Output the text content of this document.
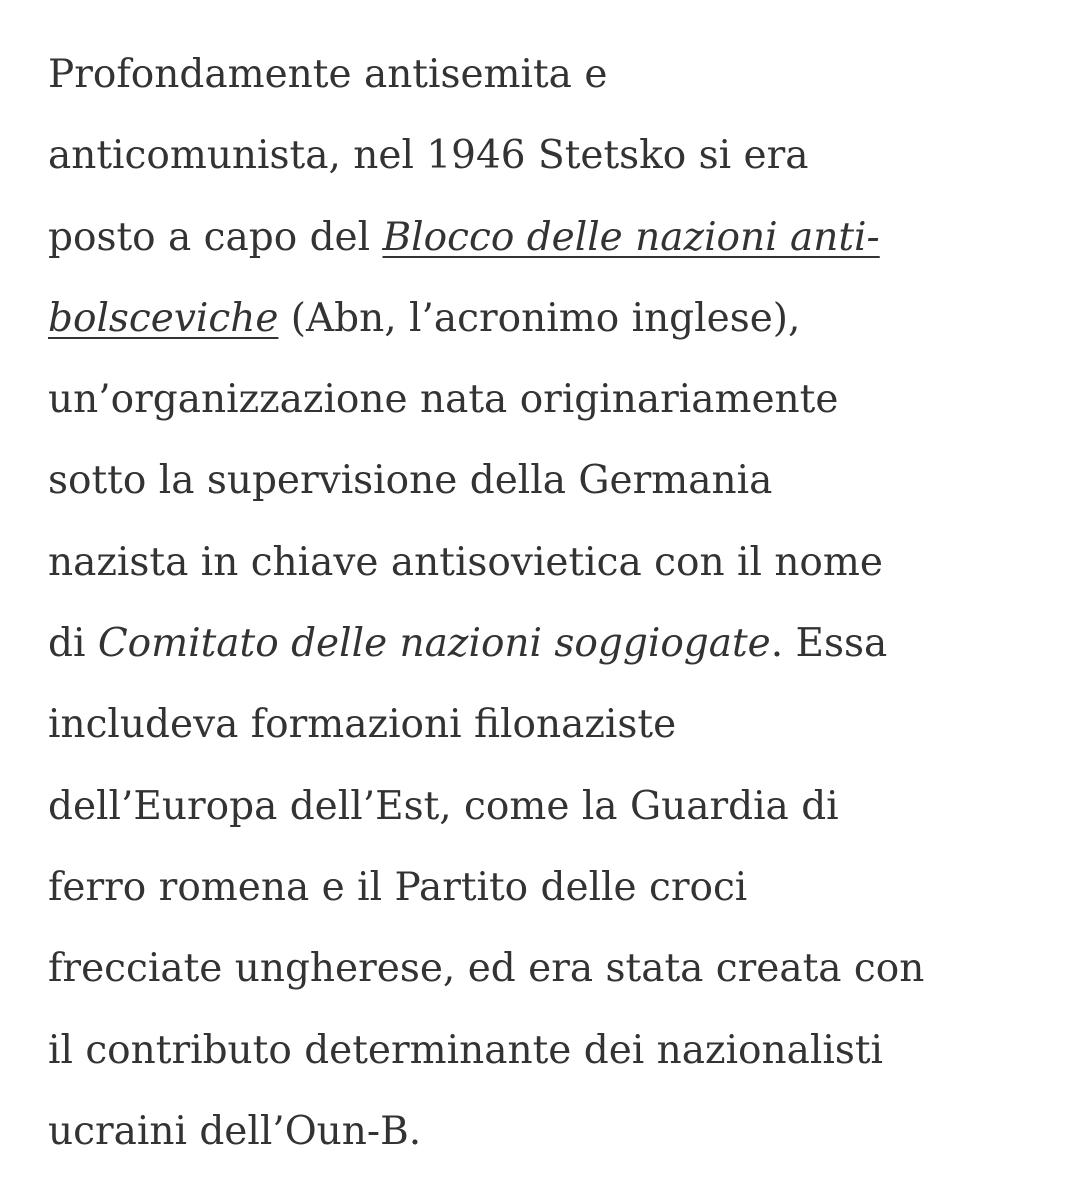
Profondamente antisemita e
anticomunista, nel 1946 Stetsko si era
posto a capo del Blocco delle nazioni anti-
bolsceviche (Abn, l’acronimo inglese),
un’organizzazione nata originariamente
sotto la supervisione della Germania
nazista in chiave antisovietica con il nome
di Comitato delle nazioni soggiogate. Essa
includeva formazioni filonaziste
dell’Europa dell’Est, come la Guardia di
ferro romena e il Partito delle croci
frecciate ungherese, ed era stata creata con
il contributo determinante dei nazionalisti
ucraini dell’Oun-B.
